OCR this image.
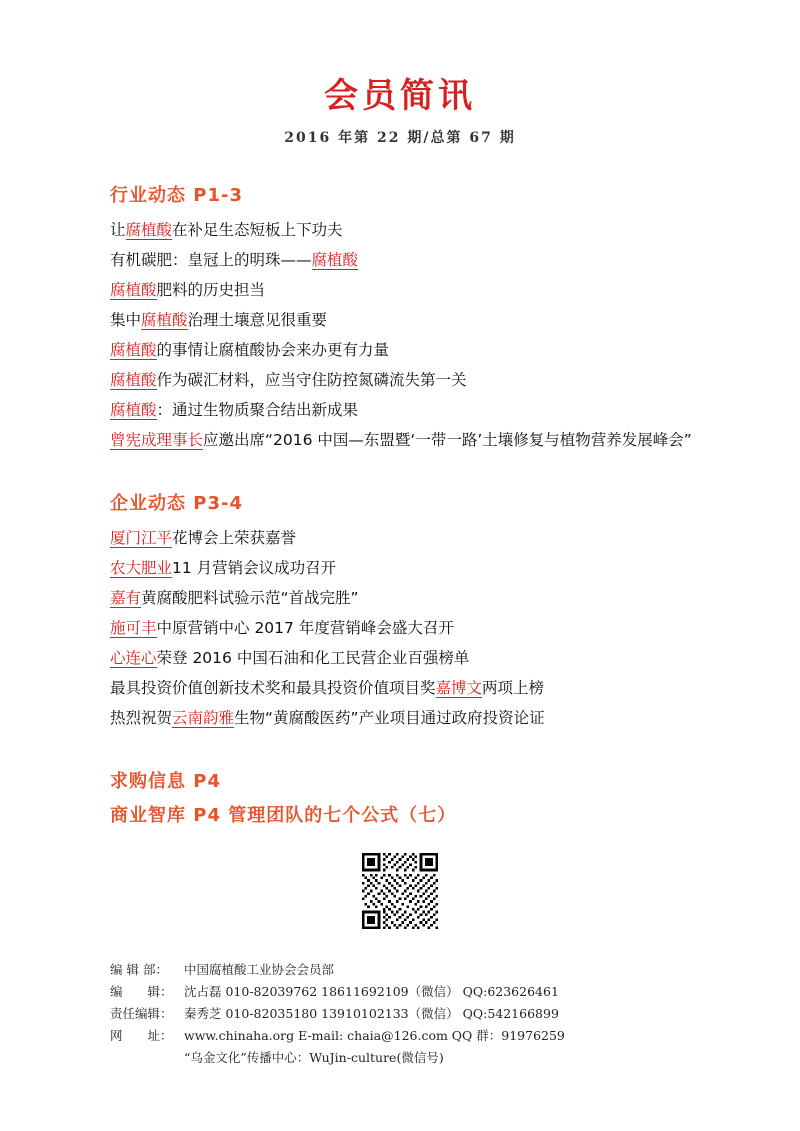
会员简讯
2016 年第 22 期/总第 67 期
行业动态 P1-3
让腐植酸在补足生态短板上下功夫
有机碳肥：皇冠上的明珠——腐植酸
腐植酸肥料的历史担当
集中腐植酸治理土壤意见很重要
腐植酸的事情让腐植酸协会来办更有力量
腐植酸作为碳汇材料，应当守住防控氮磷流失第一关
腐植酸：通过生物质聚合结出新成果
曾宪成理事长应邀出席“2016 中国—东盟暨‘一带一路’土壤修复与植物营养发展峰会”
企业动态 P3-4
厦门江平花博会上荣获嘉誉
农大肥业11 月营销会议成功召开
嘉有黄腐酸肥料试验示范“首战完胜”
施可丰中原营销中心 2017 年度营销峰会盛大召开
心连心荣登 2016 中国石油和化工民营企业百强榜单
最具投资价值创新技术奖和最具投资价值项目奖嘉博文两项上榜
热烈祝贺云南韵雅生物“黄腐酸医药”产业项目通过政府投资论证
求购信息 P4
商业智库 P4 管理团队的七个公式（七）
编 辑 部： 中国腐植酸工业协会会员部
编　　辑： 沈占磊 010-82039762 18611692109（微信） QQ:623626461
责任编辑： 秦秀芝 010-82035180 13910102133（微信） QQ:542166899
网　　址： www.chinaha.org E-mail: chaia@126.com QQ 群：91976259
“乌金文化”传播中心：WuJin-culture(微信号)
